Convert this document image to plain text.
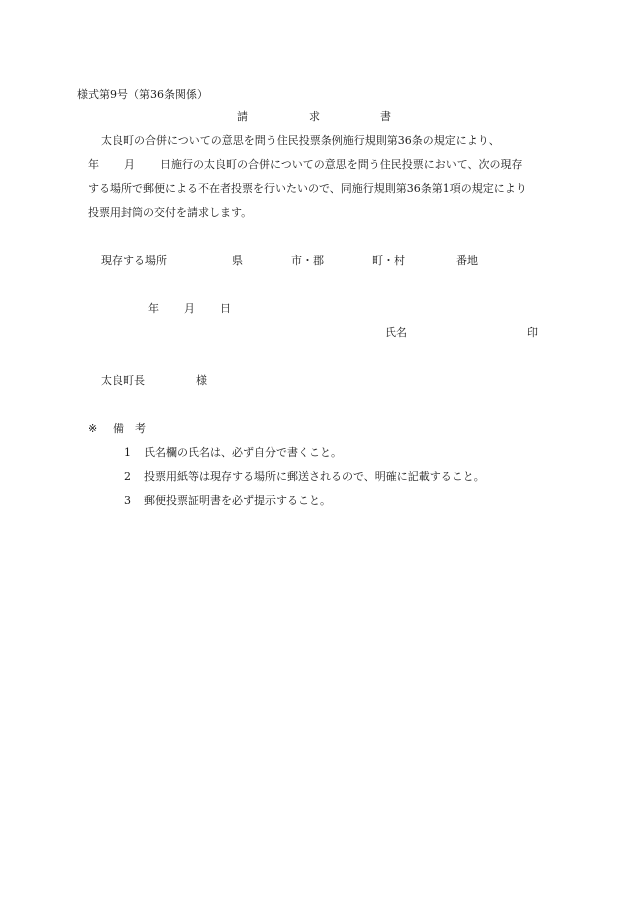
様式第9号（第36条関係）
請	求	書
太良町の合併についての意思を問う住民投票条例施行規則第36条の規定により、
年 月 日施行の太良町の合併についての意思を問う住民投票において、次の現存
する場所で郵便による不在者投票を行いたいので、同施行規則第36条第1項の規定により
投票用封筒の交付を請求します。
現存する場所	県	市・郡	町・村	番地
年 月 日
氏名	印
太良町長	様
※ 備　考
1 氏名欄の氏名は、必ず自分で書くこと。
2 投票用紙等は現存する場所に郵送されるので、明確に記載すること。
3 郵便投票証明書を必ず提示すること。
